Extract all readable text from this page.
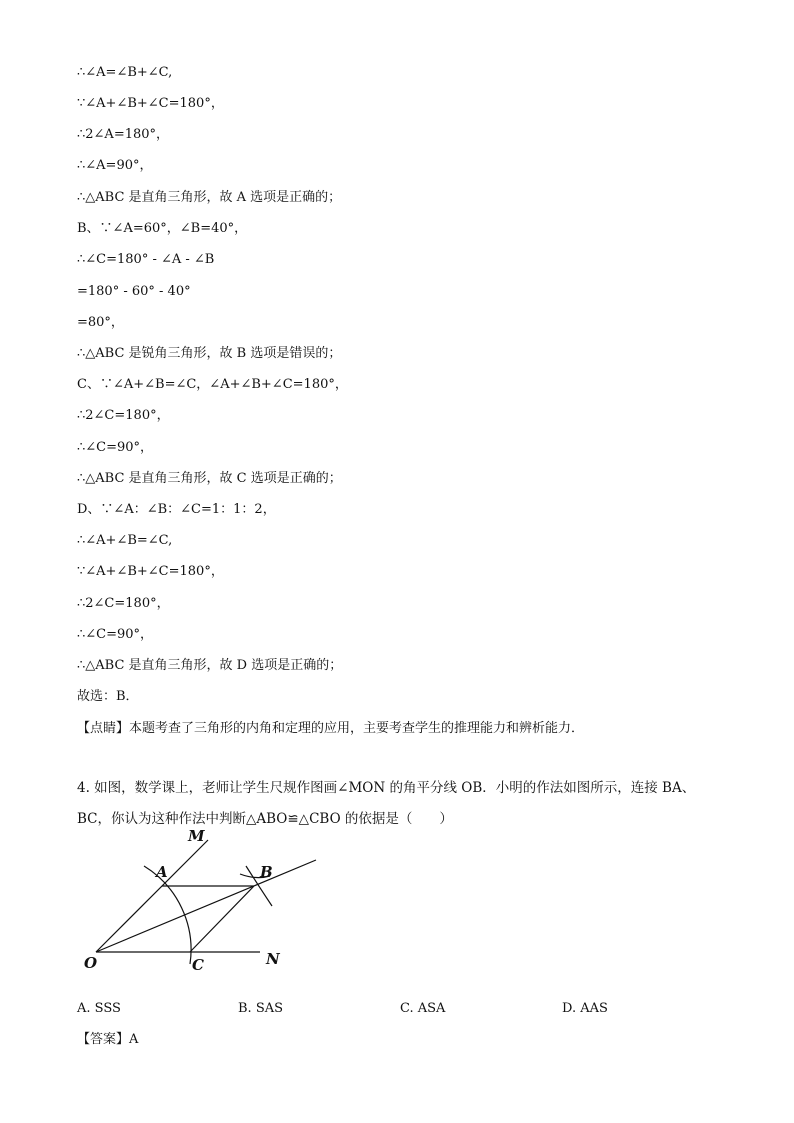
∴∠A=∠B+∠C,
∵∠A+∠B+∠C=180°，
∴2∠A=180°，
∴∠A=90°，
∴△ABC 是直角三角形，故 A 选项是正确的；
B、∵∠A=60°，∠B=40°，
∴∠C=180° - ∠A - ∠B
=180° - 60° - 40°
=80°，
∴△ABC 是锐角三角形，故 B 选项是错误的；
C、∵∠A+∠B=∠C，∠A+∠B+∠C=180°，
∴2∠C=180°，
∴∠C=90°，
∴△ABC 是直角三角形，故 C 选项是正确的；
D、∵∠A：∠B：∠C=1：1：2，
∴∠A+∠B=∠C,
∵∠A+∠B+∠C=180°，
∴2∠C=180°，
∴∠C=90°，
∴△ABC 是直角三角形，故 D 选项是正确的；
故选：B．
【点睛】本题考查了三角形的内角和定理的应用，主要考查学生的推理能力和辨析能力．
4. 如图，数学课上，老师让学生尺规作图画∠MON 的角平分线 OB．小明的作法如图所示，连接 BA、
BC，你认为这种作法中判断△ABO≌△CBO 的依据是（　　）
M
A	B
O	C	N
A. SSS	B. SAS	C. ASA	D. AAS
【答案】A
